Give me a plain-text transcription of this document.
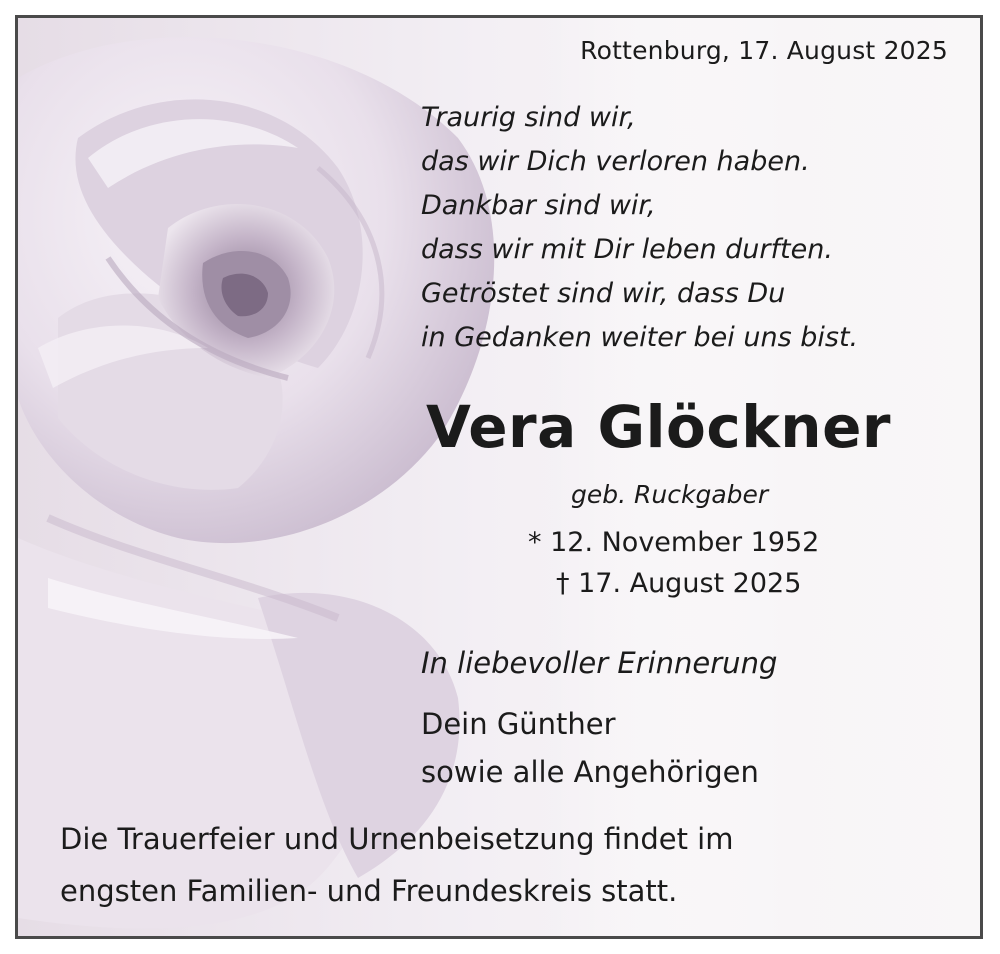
Rottenburg, 17. August 2025
Traurig sind wir,
das wir Dich verloren haben.
Dankbar sind wir,
dass wir mit Dir leben durften.
Getröstet sind wir, dass Du
in Gedanken weiter bei uns bist.
Vera Glöckner
geb. Ruckgaber
* 12. November 1952
† 17. August 2025
In liebevoller Erinnerung
Dein Günther
sowie alle Angehörigen
Die Trauerfeier und Urnenbeisetzung findet im
engsten Familien- und Freundeskreis statt.
